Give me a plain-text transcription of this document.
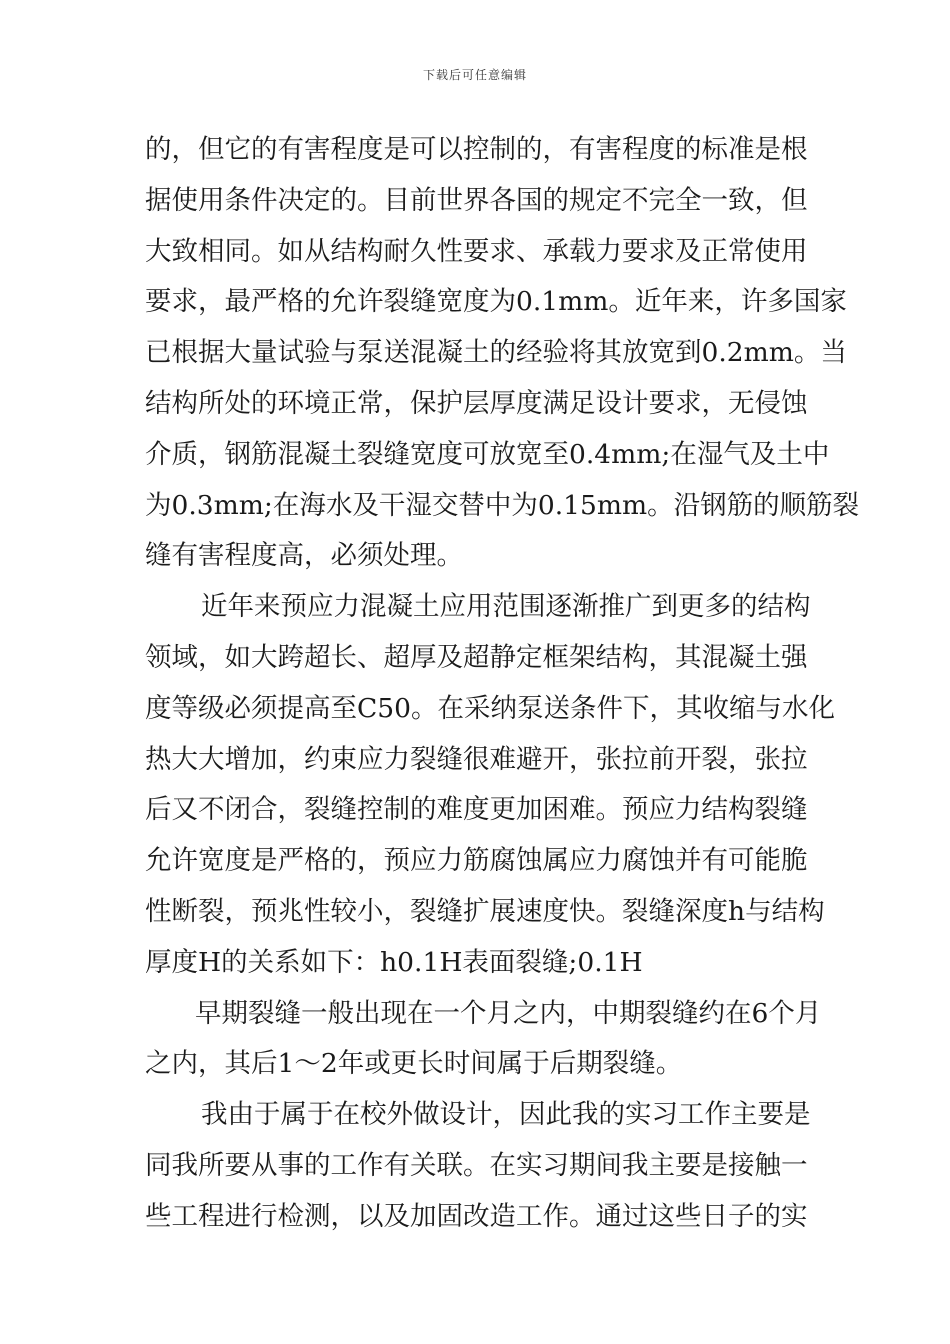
下载后可任意编辑
的，但它的有害程度是可以控制的，有害程度的标准是根
据使用条件决定的。目前世界各国的规定不完全一致，但
大致相同。如从结构耐久性要求、承载力要求及正常使用
要求，最严格的允许裂缝宽度为0.1mm。近年来，许多国家
已根据大量试验与泵送混凝土的经验将其放宽到0.2mm。当
结构所处的环境正常，保护层厚度满足设计要求，无侵蚀
介质，钢筋混凝土裂缝宽度可放宽至0.4mm;在湿气及土中
为0.3mm;在海水及干湿交替中为0.15mm。沿钢筋的顺筋裂
缝有害程度高，必须处理。
近年来预应力混凝土应用范围逐渐推广到更多的结构
领域，如大跨超长、超厚及超静定框架结构，其混凝土强
度等级必须提高至C50。在采纳泵送条件下，其收缩与水化
热大大增加，约束应力裂缝很难避开，张拉前开裂，张拉
后又不闭合，裂缝控制的难度更加困难。预应力结构裂缝
允许宽度是严格的，预应力筋腐蚀属应力腐蚀并有可能脆
性断裂，预兆性较小，裂缝扩展速度快。裂缝深度h与结构
厚度H的关系如下：h0.1H表面裂缝;0.1H
早期裂缝一般出现在一个月之内，中期裂缝约在6个月
之内，其后1～2年或更长时间属于后期裂缝。
我由于属于在校外做设计，因此我的实习工作主要是
同我所要从事的工作有关联。在实习期间我主要是接触一
些工程进行检测，以及加固改造工作。通过这些日子的实
